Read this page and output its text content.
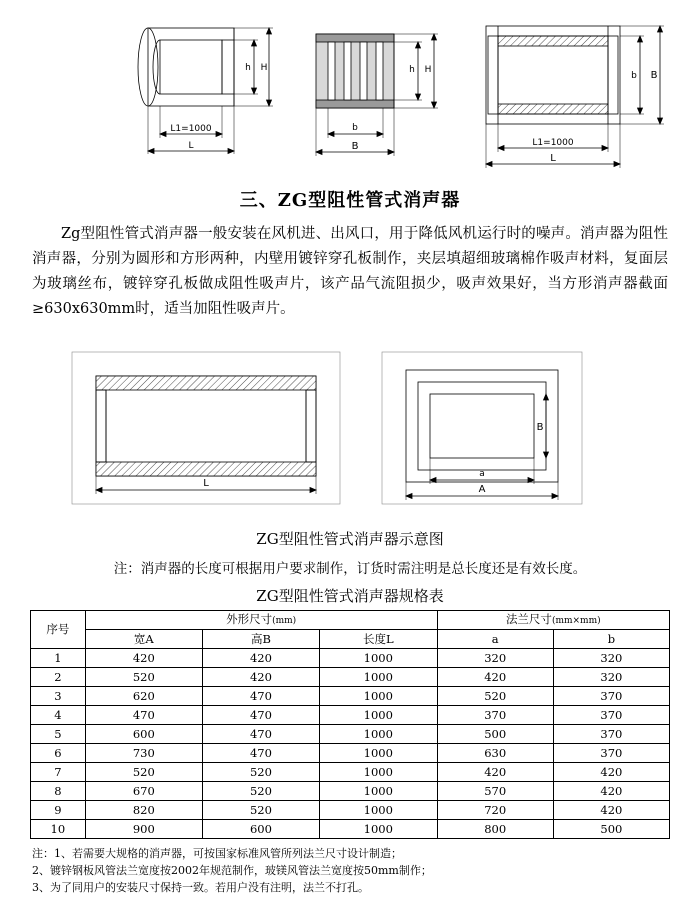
L1=1000
L
h H
b
B
h H
L1=1000
L
b B
三、ZG型阻性管式消声器
Zg型阻性管式消声器一般安装在风机进、出风口，用于降低风机运行时的噪声。消声器为阻性消声器，分别为圆形和方形两种，内壁用镀锌穿孔板制作，夹层填超细玻璃棉作吸声材料，复面层为玻璃丝布，镀锌穿孔板做成阻性吸声片，该产品气流阻损少，吸声效果好，当方形消声器截面≥630x630mm时，适当加阻性吸声片。
L
a
A
B
ZG型阻性管式消声器示意图
注：消声器的长度可根据用户要求制作，订货时需注明是总长度还是有效长度。
ZG型阻性管式消声器规格表
序号	外形尺寸(mm)			法兰尺寸(mm×mm)	
	宽A	高B	长度L	a	b
1	420	420	1000	320	320
2	520	420	1000	420	320
3	620	470	1000	520	370
4	470	470	1000	370	370
5	600	470	1000	500	370
6	730	470	1000	630	370
7	520	520	1000	420	420
8	670	520	1000	570	420
9	820	520	1000	720	420
10	900	600	1000	800	500
注：1、若需要大规格的消声器，可按国家标准风管所列法兰尺寸设计制造；
2、镀锌钢板风管法兰宽度按2002年规范制作，玻镁风管法兰宽度按50mm制作；
3、为了同用户的安装尺寸保持一致。若用户没有注明，法兰不打孔。
